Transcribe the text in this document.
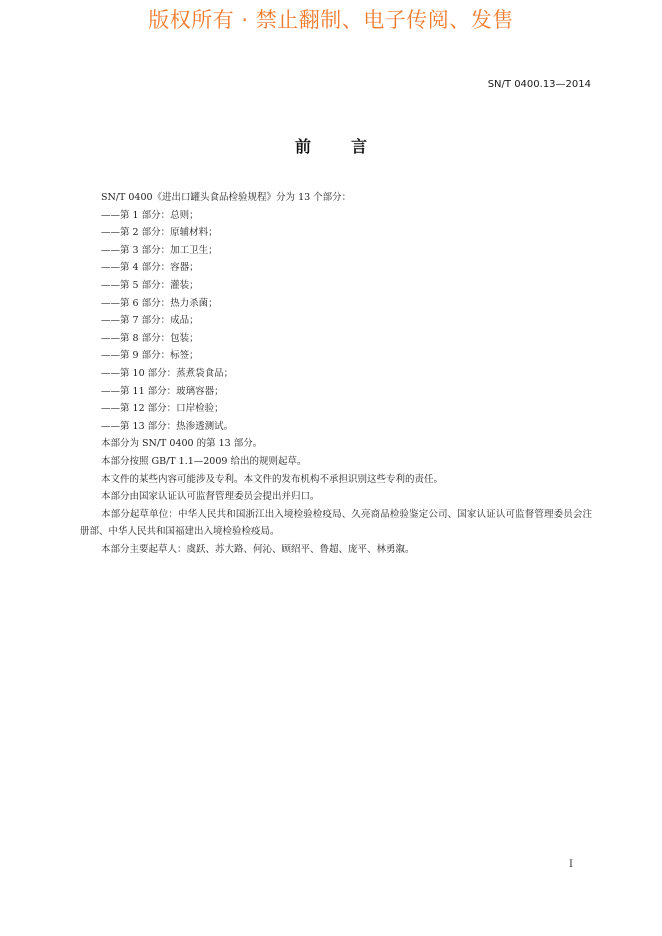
版权所有 · 禁止翻制、电子传阅、发售
SN/T 0400.13—2014
前言
SN/T 0400《进出口罐头食品检验规程》分为 13 个部分：
——第 1 部分：总则；
——第 2 部分：原辅材料；
——第 3 部分：加工卫生；
——第 4 部分：容器；
——第 5 部分：灌装；
——第 6 部分：热力杀菌；
——第 7 部分：成品；
——第 8 部分：包装；
——第 9 部分：标签；
——第 10 部分：蒸煮袋食品；
——第 11 部分：玻璃容器；
——第 12 部分：口岸检验；
——第 13 部分：热渗透测试。
本部分为 SN/T 0400 的第 13 部分。
本部分按照 GB/T 1.1—2009 给出的规则起草。
本文件的某些内容可能涉及专利。本文件的发布机构不承担识别这些专利的责任。
本部分由国家认证认可监督管理委员会提出并归口。
本部分起草单位：中华人民共和国浙江出入境检验检疫局、久亮商品检验鉴定公司、国家认证认可监督管理委员会注册部、中华人民共和国福建出入境检验检疫局。
本部分主要起草人：虞跃、苏大路、何沁、顾绍平、鲁超、庞平、林勇溆。
I
